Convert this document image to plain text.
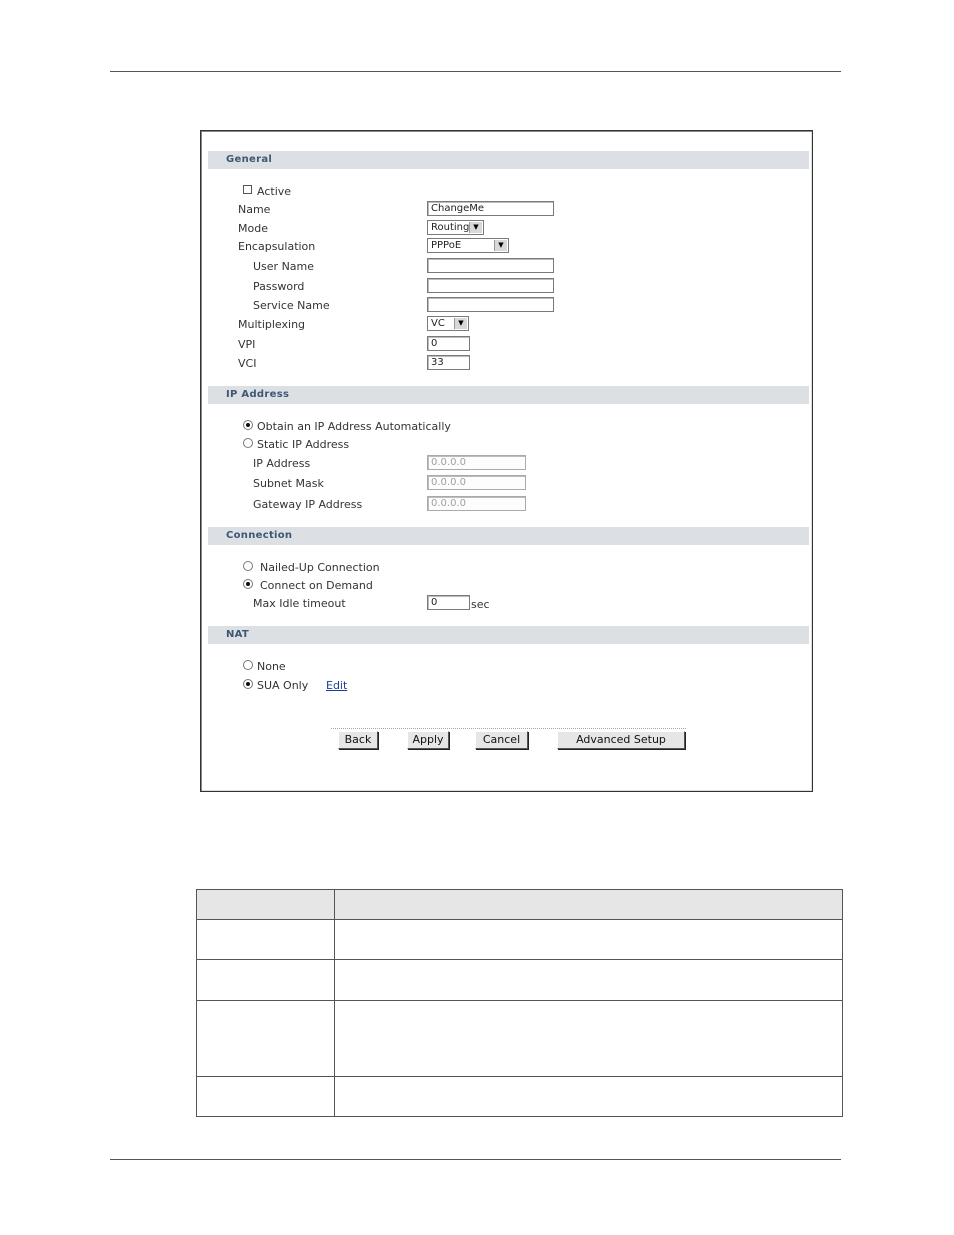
General
Active
Name	ChangeMe
Mode	Routing ▼
Encapsulation	PPPoE	▼
User Name
Password
Service Name
Multiplexing	VC	▼
VPI	0
VCI	33
IP Address
Obtain an IP Address Automatically
Static IP Address
IP Address	0.0.0.0
Subnet Mask	0.0.0.0
Gateway IP Address	0.0.0.0
Connection
Nailed-Up Connection
Connect on Demand
Max Idle timeout	0	sec
NAT
None
SUA Only Edit
Back	Apply	Cancel	Advanced Setup
